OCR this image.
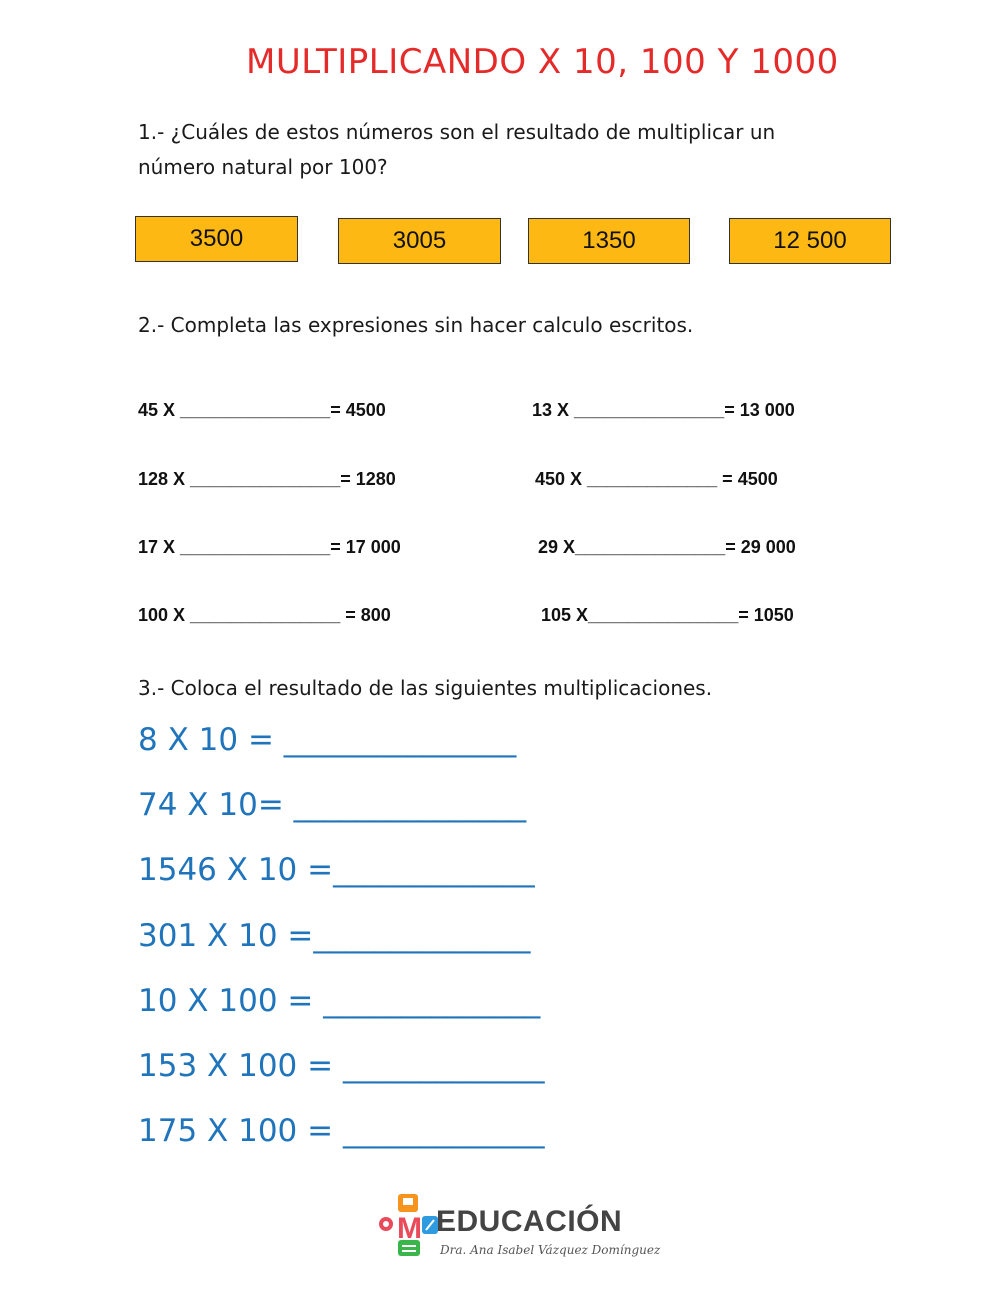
MULTIPLICANDO X 10, 100 Y 1000
1.- ¿Cuáles de estos números son el resultado de multiplicar un
número natural por 100?
3500	3005	1350	12 500
2.- Completa las expresiones sin hacer calculo escritos.
45 X _______________= 4500
128 X _______________= 1280
17 X _______________= 17 000
100 X _______________ = 800
13 X _______________= 13 000
450 X _____________ = 4500
29 X_______________= 29 000
105 X_______________= 1050
3.- Coloca el resultado de las siguientes multiplicaciones.
8 X 10 = _______________
74 X 10= _______________
1546 X 10 =_____________
301 X 10 =______________
10 X 100 = ______________
153 X 100 = _____________
175 X 100 = _____________
M EDUCACIÓN
Dra. Ana Isabel Vázquez Domínguez
